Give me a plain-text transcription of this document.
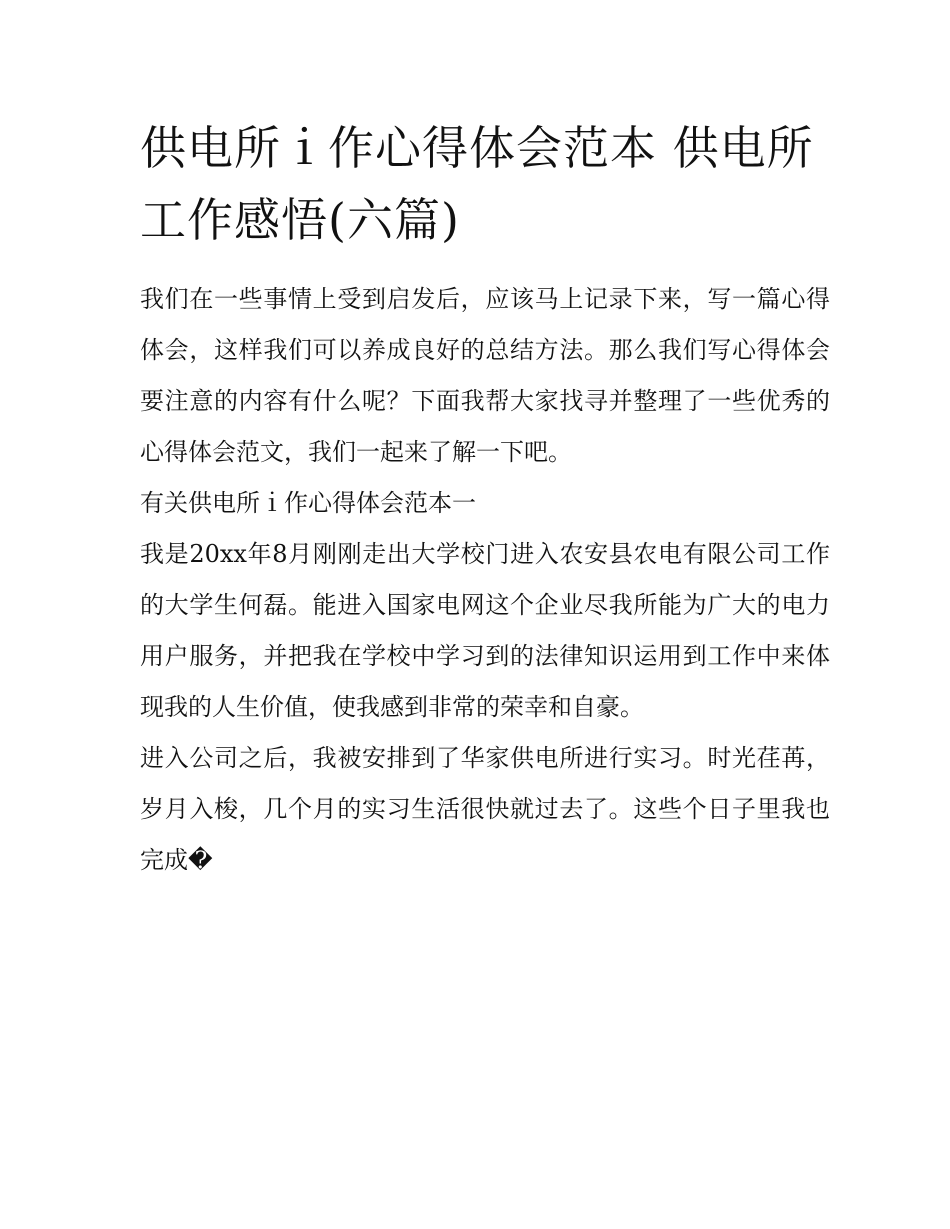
供电所ｉ作心得体会范本 供电所工作感悟(六篇)

我们在一些事情上受到启发后，应该马上记录下来，写一篇心得体会，这样我们可以养成良好的总结方法。那么我们写心得体会要注意的内容有什么呢？下面我帮大家找寻并整理了一些优秀的心得体会范文，我们一起来了解一下吧。

有关供电所ｉ作心得体会范本一

我是20xx年8月刚刚走出大学校门进入农安县农电有限公司工作的大学生何磊。能进入国家电网这个企业尽我所能为广大的电力用户服务，并把我在学校中学习到的法律知识运用到工作中来体现我的人生价值，使我感到非常的荣幸和自豪。

进入公司之后，我被安排到了华家供电所进行实习。时光荏苒，岁月入梭，几个月的实习生活很快就过去了。这些个日子里我也完成�
